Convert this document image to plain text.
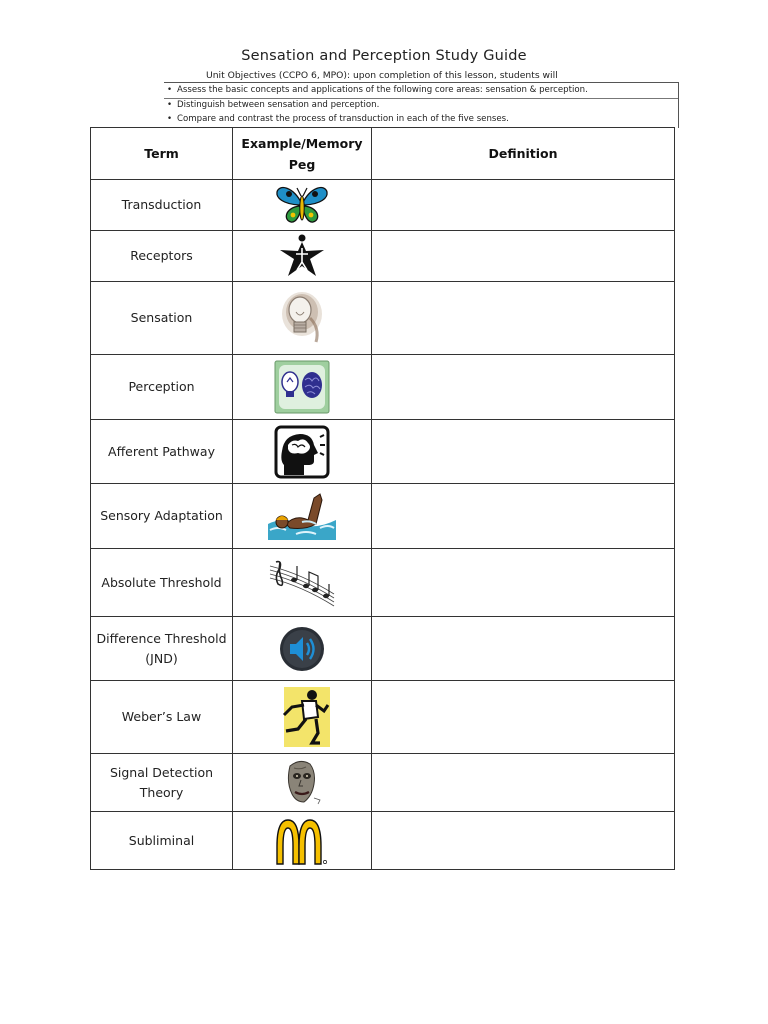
Sensation and Perception Study Guide
Unit Objectives (CCPO 6, MPO): upon completion of this lesson, students will
• Assess the basic concepts and applications of the following core areas: sensation & perception.
• Distinguish between sensation and perception.
• Compare and contrast the process of transduction in each of the five senses.
Term	Example/Memory Peg	Definition
Transduction	

Receptors	

Sensation	

Perception	

Afferent Pathway	

Sensory Adaptation	

Absolute Threshold	

Difference Threshold (JND)	

Weber’s Law	

Signal Detection Theory	

Subliminal	
